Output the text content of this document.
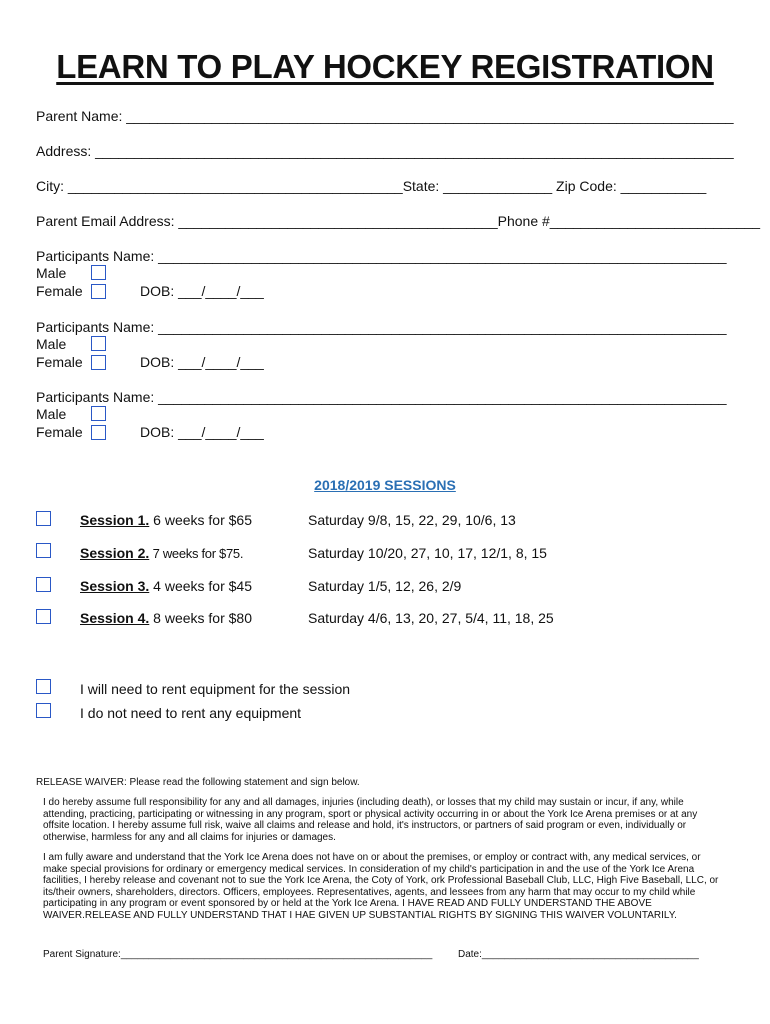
LEARN TO PLAY HOCKEY REGISTRATION
Parent Name: ______________________________________________________________________________
Address: __________________________________________________________________________________
City: ___________________________________________State: ______________ Zip Code: ___________
Parent Email Address: _________________________________________Phone #___________________________
Participants Name: _________________________________________________________________________
Male
Female	DOB: ___/____/___
Participants Name: _________________________________________________________________________
Male
Female	DOB: ___/____/___
Participants Name: _________________________________________________________________________
Male
Female	DOB: ___/____/___
2018/2019 SESSIONS
Session 1. 6 weeks for $65	Saturday 9/8, 15, 22, 29, 10/6, 13
Session 2. 7 weeks for $75.	Saturday 10/20, 27, 10, 17, 12/1, 8, 15
Session 3. 4 weeks for $45	Saturday 1/5, 12, 26, 2/9
Session 4. 8 weeks for $80	Saturday 4/6, 13, 20, 27, 5/4, 11, 18, 25
I will need to rent equipment for the session
I do not need to rent any equipment
RELEASE WAIVER: Please read the following statement and sign below.
I do hereby assume full responsibility for any and all damages, injuries (including death), or losses that my child may sustain or incur, if any, while attending, practicing, participating or witnessing in any program, sport or physical activity occurring in or about the York Ice Arena premises or at any offsite location. I hereby assume full risk, waive all claims and release and hold, it's instructors, or partners of said program or even, individually or otherwise, harmless for any and all claims for injuries or damages.
I am fully aware and understand that the York Ice Arena does not have on or about the premises, or employ or contract with, any medical services, or make special provisions for ordinary or emergency medical services. In consideration of my child's participation in and the use of the York Ice Arena facilities, I hereby release and covenant not to sue the York Ice Arena, the Coty of York, ork Professional Baseball Club, LLC, High Five Baseball, LLC, or its/their owners, shareholders, directors. Officers, employees. Representatives, agents, and lessees from any harm that may occur to my child while participating in any program or event sponsored by or held at the York Ice Arena. I HAVE READ AND FULLY UNDERSTAND THE ABOVE WAIVER.RELEASE AND FULLY UNDERSTAND THAT I HAE GIVEN UP SUBSTANTIAL RIGHTS BY SIGNING THIS WAIVER VOLUNTARILY.
Parent Signature:________________________________________________________	Date:_______________________________________
